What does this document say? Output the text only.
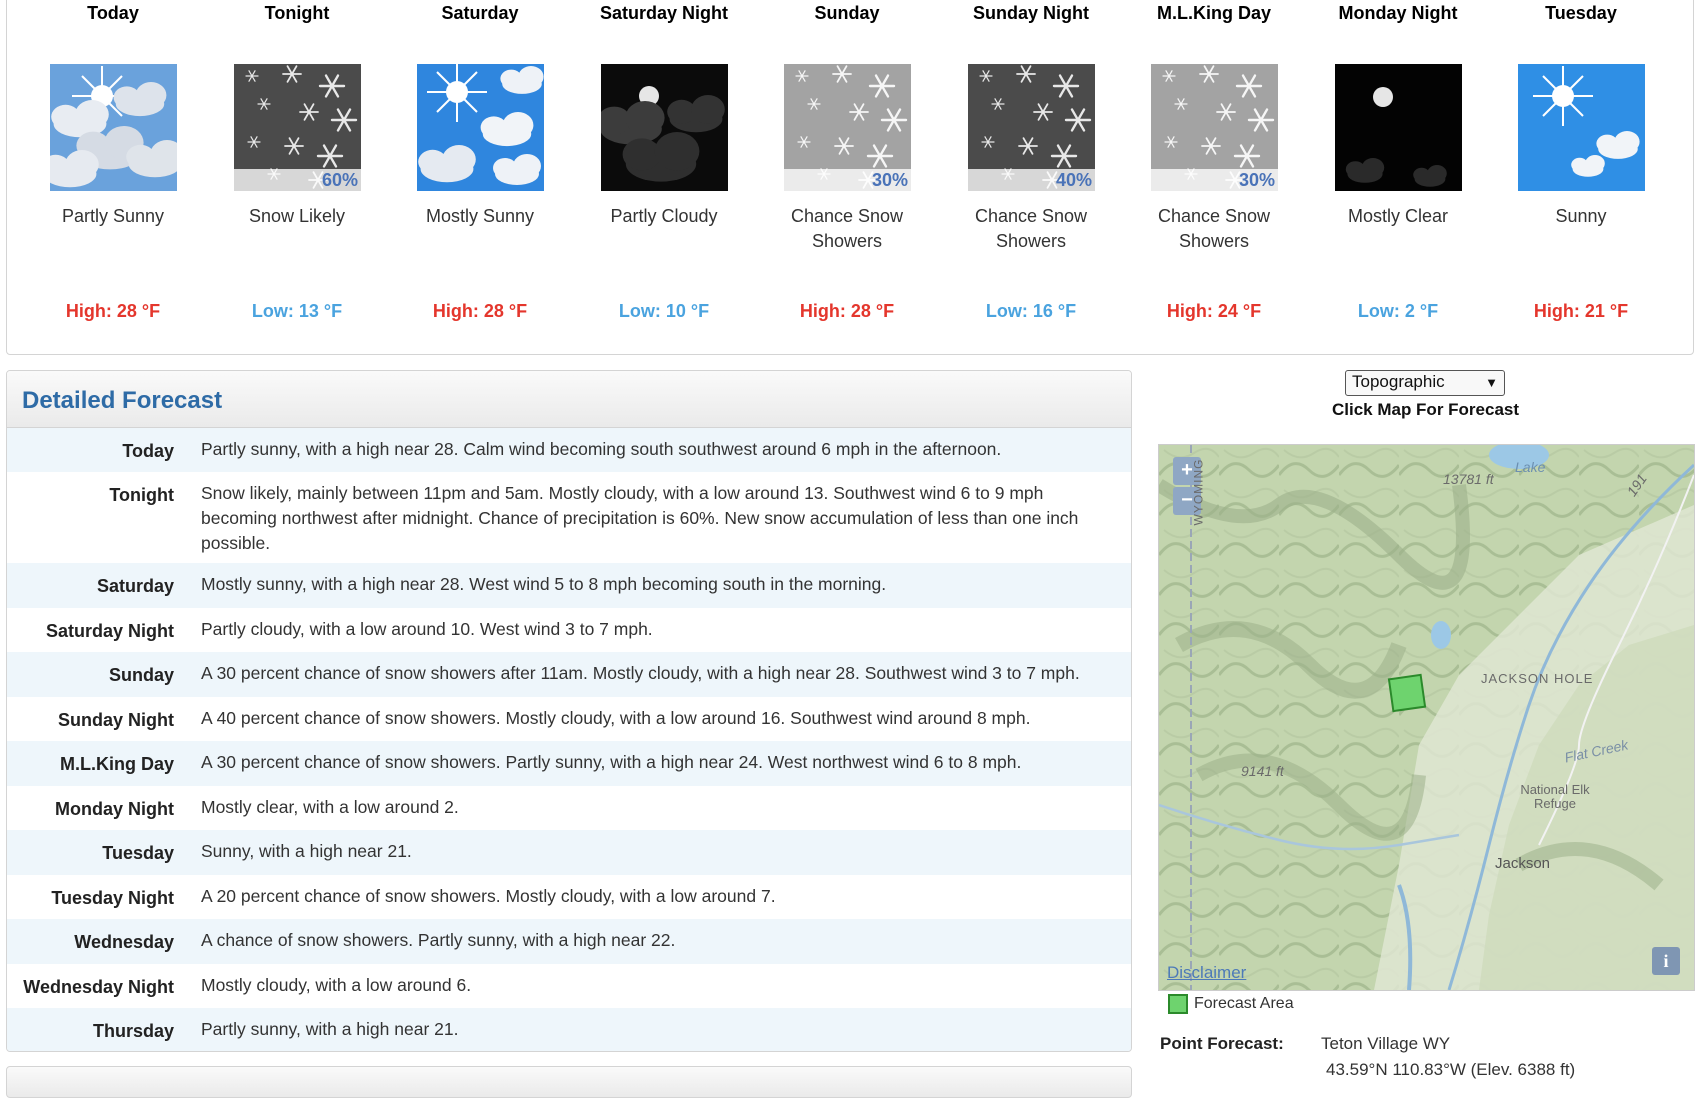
Today
Partly Sunny
High: 28 °F
Tonight
60%
Snow Likely
Low: 13 °F
Saturday
Mostly Sunny
High: 28 °F
Saturday Night
Partly Cloudy
Low: 10 °F
Sunday
30%
Chance Snow Showers
High: 28 °F
Sunday Night
40%
Chance Snow Showers
Low: 16 °F
M.L.King Day
30%
Chance Snow Showers
High: 24 °F
Monday Night
Mostly Clear
Low: 2 °F
Tuesday
Sunny
High: 21 °F
Detailed Forecast
Today Partly sunny, with a high near 28. Calm wind becoming south southwest around 6 mph in the afternoon.
Tonight Snow likely, mainly between 11pm and 5am. Mostly cloudy, with a low around 13. Southwest wind 6 to 9 mph becoming northwest after midnight. Chance of precipitation is 60%. New snow accumulation of less than one inch possible.
Saturday Mostly sunny, with a high near 28. West wind 5 to 8 mph becoming south in the morning.
Saturday Night Partly cloudy, with a low around 10. West wind 3 to 7 mph.
Sunday A 30 percent chance of snow showers after 11am. Mostly cloudy, with a high near 28. Southwest wind 3 to 7 mph.
Sunday Night A 40 percent chance of snow showers. Mostly cloudy, with a low around 16. Southwest wind around 8 mph.
M.L.King Day A 30 percent chance of snow showers. Partly sunny, with a high near 24. West northwest wind 6 to 8 mph.
Monday Night Mostly clear, with a low around 2.
Tuesday Sunny, with a high near 21.
Tuesday Night A 20 percent chance of snow showers. Mostly cloudy, with a low around 7.
Wednesday A chance of snow showers. Partly sunny, with a high near 22.
Wednesday Night Mostly cloudy, with a low around 6.
Thursday Partly sunny, with a high near 21.
Topographic	▼
Click Map For Forecast
+
−
Lake
13781 ft	191
WYOMING
JACKSON HOLE
Flat Creek
National Elk Refuge
9141 ft
Jackson
Disclaimer
i
Forecast Area
Point Forecast: Teton Village WY
43.59°N 110.83°W (Elev. 6388 ft)
